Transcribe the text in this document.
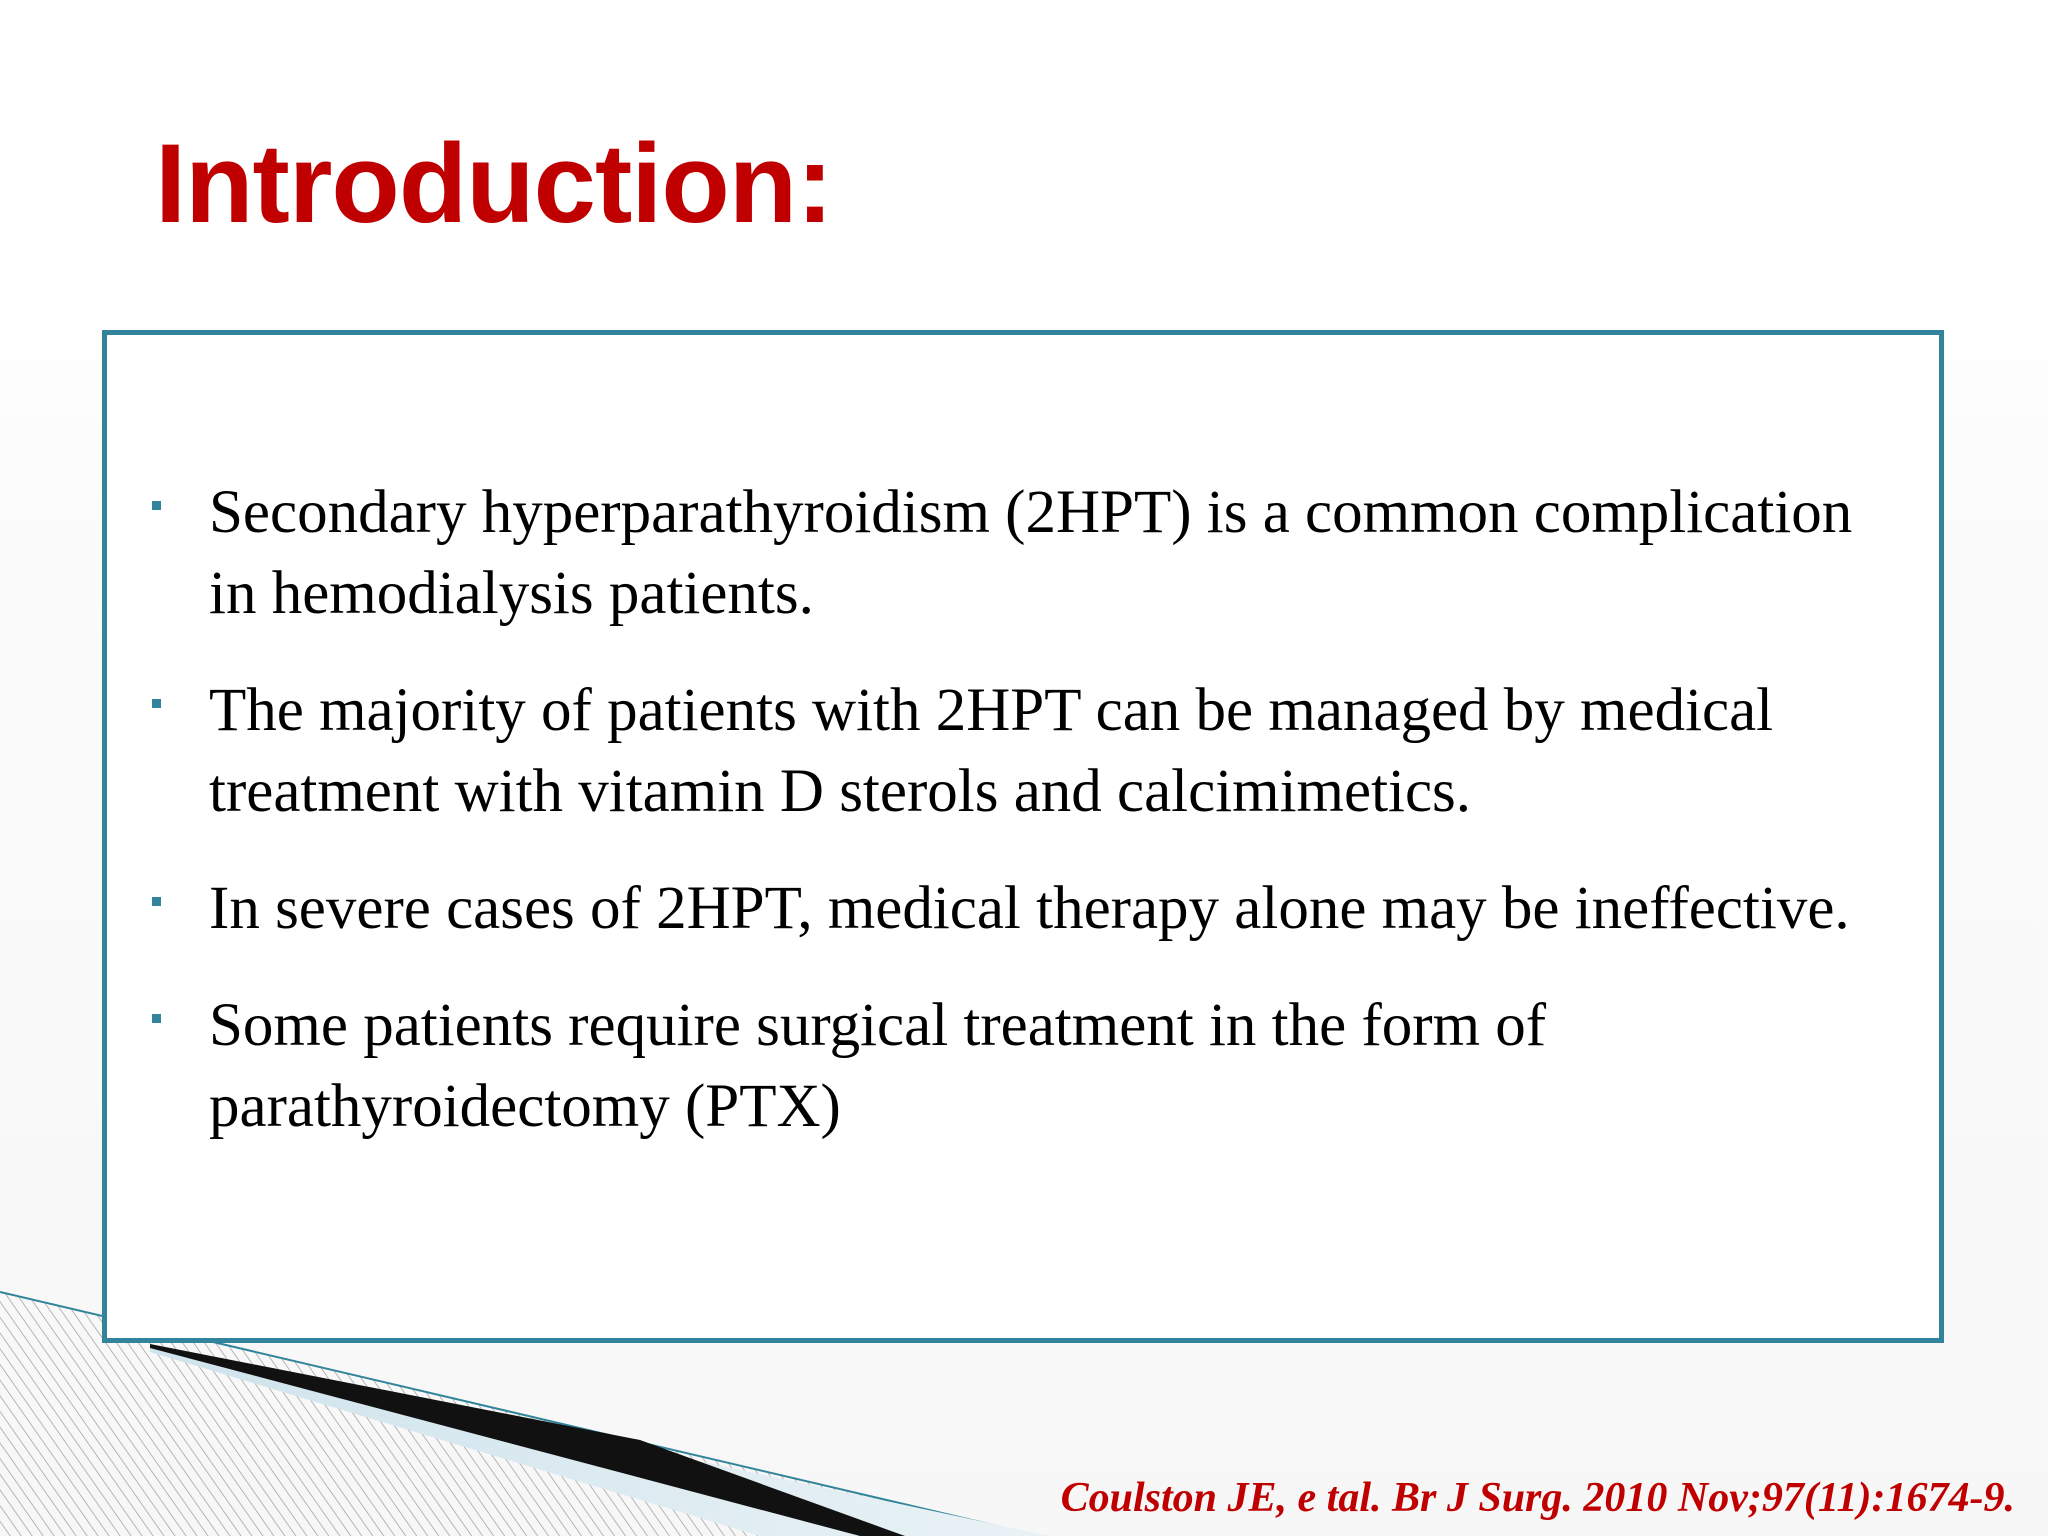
Introduction:
Secondary hyperparathyroidism (2HPT) is a common complication in hemodialysis patients.
The majority of patients with 2HPT can be managed by medical treatment with vitamin D sterols and calcimimetics.
In severe cases of 2HPT, medical therapy alone may be ineffective.
Some patients require surgical treatment in the form of parathyroidectomy (PTX)
Coulston JE, e tal. Br J Surg. 2010 Nov;97(11):1674-9.
